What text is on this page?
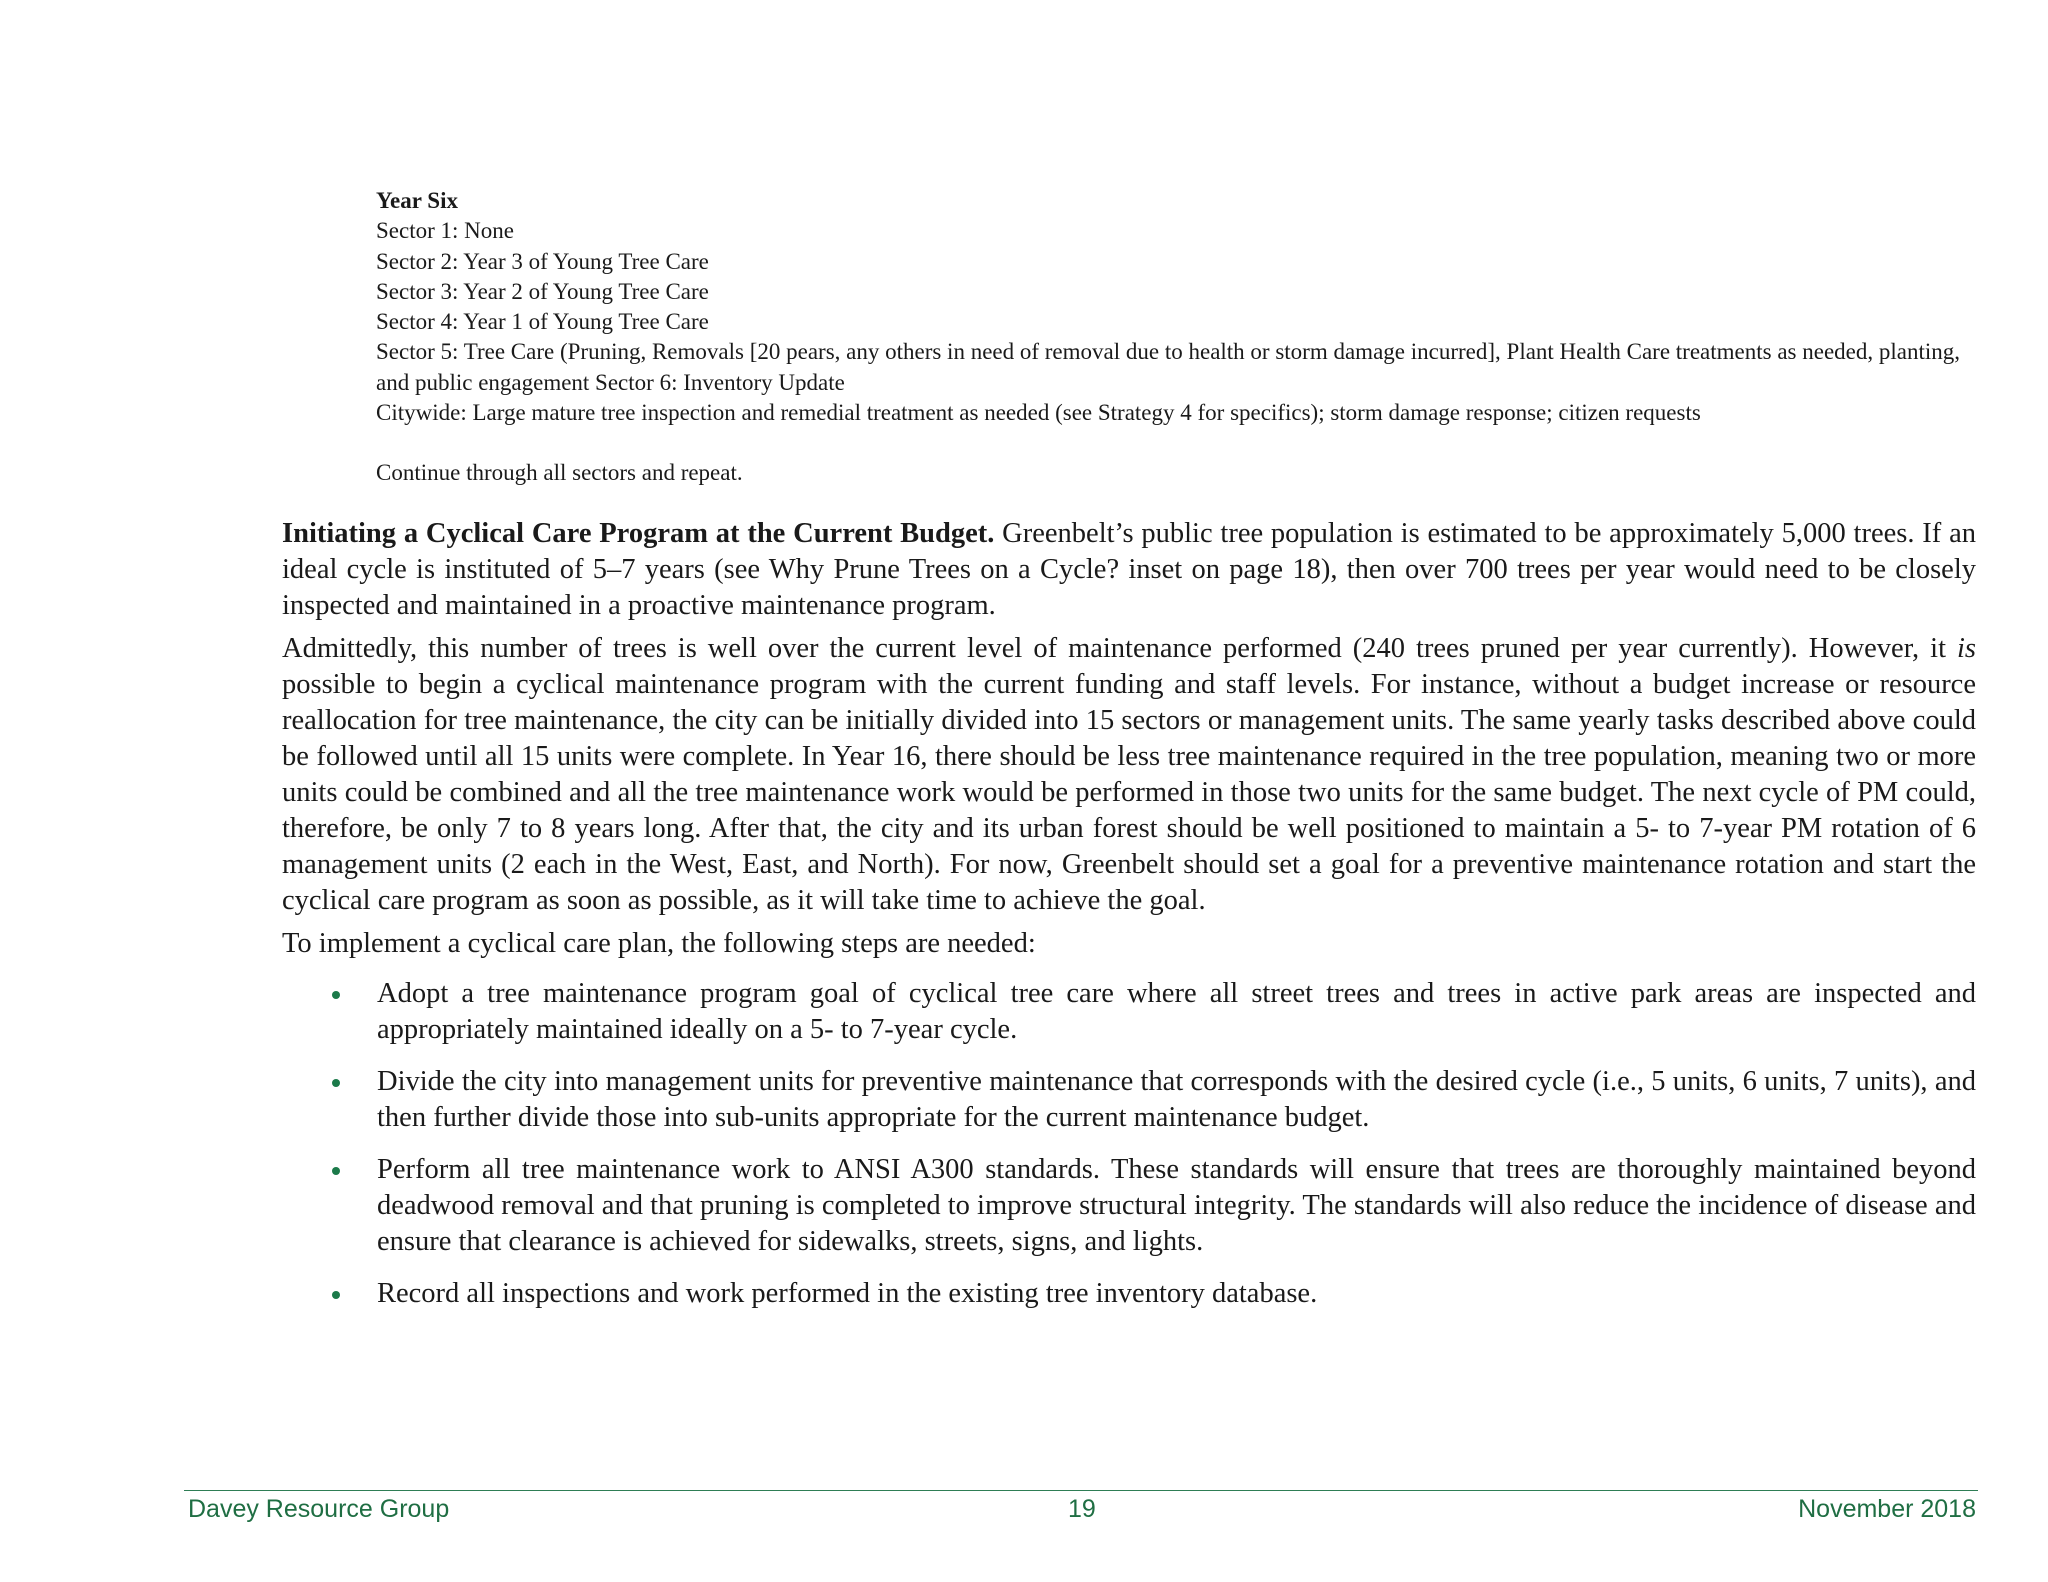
Year Six

Sector 1: None

Sector 2: Year 3 of Young Tree Care

Sector 3: Year 2 of Young Tree Care

Sector 4: Year 1 of Young Tree Care

Sector 5: Tree Care (Pruning, Removals [20 pears, any others in need of removal due to health or storm damage incurred], Plant Health Care treatments as needed, planting, and public engagement Sector 6: Inventory Update

Citywide: Large mature tree inspection and remedial treatment as needed (see Strategy 4 for specifics); storm damage response; citizen requests

Continue through all sectors and repeat.

Initiating a Cyclical Care Program at the Current Budget. Greenbelt’s public tree population is estimated to be approximately 5,000 trees. If an ideal cycle is instituted of 5–7 years (see Why Prune Trees on a Cycle? inset on page 18), then over 700 trees per year would need to be closely inspected and maintained in a proactive maintenance program.

Admittedly, this number of trees is well over the current level of maintenance performed (240 trees pruned per year currently). However, it is possible to begin a cyclical maintenance program with the current funding and staff levels. For instance, without a budget increase or resource reallocation for tree maintenance, the city can be initially divided into 15 sectors or management units. The same yearly tasks described above could be followed until all 15 units were complete. In Year 16, there should be less tree maintenance required in the tree population, meaning two or more units could be combined and all the tree maintenance work would be performed in those two units for the same budget. The next cycle of PM could, therefore, be only 7 to 8 years long. After that, the city and its urban forest should be well positioned to maintain a 5- to 7-year PM rotation of 6 management units (2 each in the West, East, and North). For now, Greenbelt should set a goal for a preventive maintenance rotation and start the cyclical care program as soon as possible, as it will take time to achieve the goal.

To implement a cyclical care plan, the following steps are needed:

Adopt a tree maintenance program goal of cyclical tree care where all street trees and trees in active park areas are inspected and appropriately maintained ideally on a 5- to 7-year cycle.
Divide the city into management units for preventive maintenance that corresponds with the desired cycle (i.e., 5 units, 6 units, 7 units), and then further divide those into sub-units appropriate for the current maintenance budget.
Perform all tree maintenance work to ANSI A300 standards. These standards will ensure that trees are thoroughly maintained beyond deadwood removal and that pruning is completed to improve structural integrity. The standards will also reduce the incidence of disease and ensure that clearance is achieved for sidewalks, streets, signs, and lights.
Record all inspections and work performed in the existing tree inventory database.
Davey Resource Group	19	November 2018
